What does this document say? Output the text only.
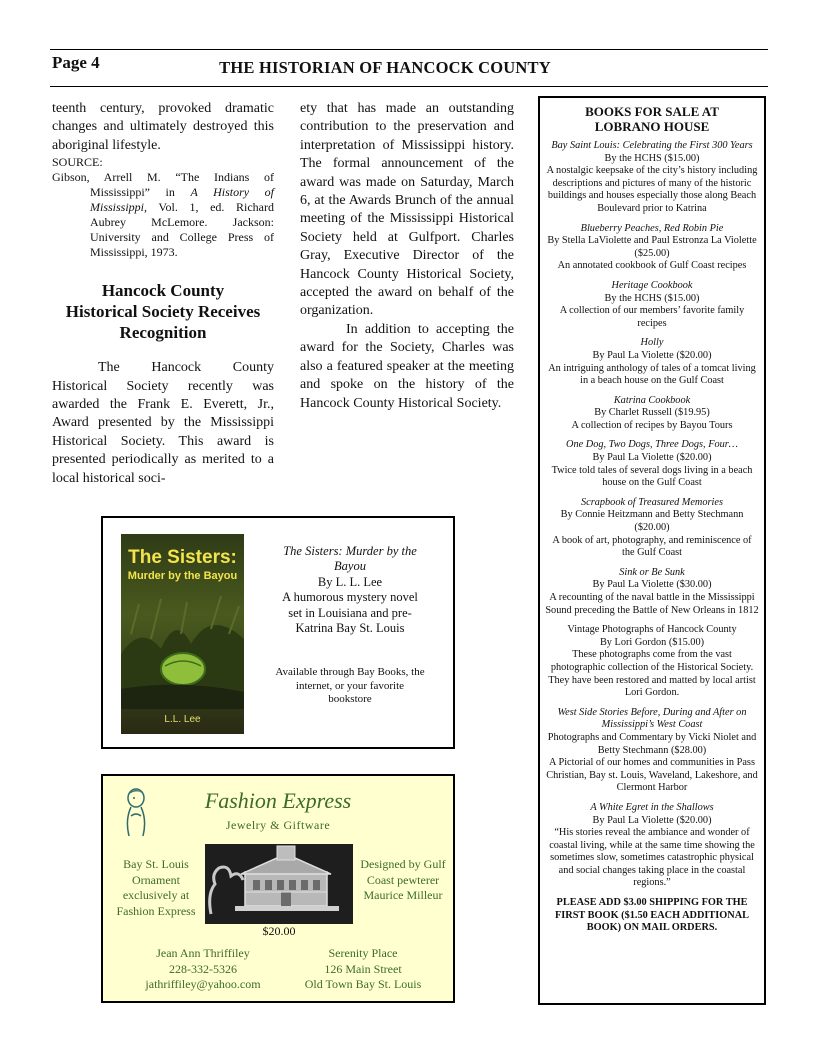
Page 4	THE HISTORIAN OF HANCOCK COUNTY

teenth century, provoked dramatic changes and ultimately destroyed this aboriginal lifestyle.

SOURCE:

Gibson, Arrell M. “The Indians of Mississippi” in A History of Mississippi, Vol. 1, ed. Richard Aubrey McLemore. Jackson: University and College Press of Mississippi, 1973.

Hancock County
Historical Society Receives
Recognition

The Hancock County Historical Society recently was awarded the Frank E. Everett, Jr., Award presented by the Mississippi Historical Society. This award is presented periodically as merited to a local historical soci-

ety that has made an outstanding contribution to the preservation and interpretation of Mississippi history. The formal announcement of the award was made on Saturday, March 6, at the Awards Brunch of the annual meeting of the Mississippi Historical Society held at Gulfport. Charles Gray, Executive Director of the Hancock County Historical Society, accepted the award on behalf of the organization.

In addition to accepting the award for the Society, Charles was also a featured speaker at the meeting and spoke on the history of the Hancock County Historical Society.

BOOKS FOR SALE AT
LOBRANO HOUSE
Bay Saint Louis: Celebrating the First 300 Years
By the HCHS ($15.00)
A nostalgic keepsake of the city’s history including descriptions and pictures of many of the historic buildings and houses especially those along Beach Boulevard prior to Katrina
Blueberry Peaches, Red Robin Pie
By Stella LaViolette and Paul Estronza La Violette ($25.00)
An annotated cookbook of Gulf Coast recipes
Heritage Cookbook
By the HCHS ($15.00)
A collection of our members’ favorite family recipes
Holly
By Paul La Violette ($20.00)
An intriguing anthology of tales of a tomcat living in a beach house on the Gulf Coast
Katrina Cookbook
By Charlet Russell ($19.95)
A collection of recipes by Bayou Tours
One Dog, Two Dogs, Three Dogs, Four…
By Paul La Violette ($20.00)
Twice told tales of several dogs living in a beach house on the Gulf Coast
Scrapbook of Treasured Memories
By Connie Heitzmann and Betty Stechmann ($20.00)
A book of art, photography, and reminiscence of the Gulf Coast
Sink or Be Sunk
By Paul La Violette ($30.00)
A recounting of the naval battle in the Mississippi Sound preceding the Battle of New Orleans in 1812
Vintage Photographs of Hancock County
By Lori Gordon ($15.00)
These photographs come from the vast photographic collection of the Historical Society. They have been restored and matted by local artist Lori Gordon.
West Side Stories Before, During and After on Mississippi’s West Coast
Photographs and Commentary by Vicki Niolet and Betty Stechmann ($28.00)
A Pictorial of our homes and communities in Pass Christian, Bay st. Louis, Waveland, Lakeshore, and Clermont Harbor
A White Egret in the Shallows
By Paul La Violette ($20.00)
“His stories reveal the ambiance and wonder of coastal living, while at the same time showing the sometimes slow, sometimes catastrophic physical and social changes taking place in the coastal regions.”
PLEASE ADD $3.00 SHIPPING FOR THE FIRST BOOK ($1.50 EACH ADDITIONAL BOOK) ON MAIL ORDERS.
The Sisters:
Murder by the Bayou
L.L. Lee
The Sisters: Murder by the Bayou
By L. L. Lee
A humorous mystery novel set in Louisiana and pre-Katrina Bay St. Louis
Available through Bay Books, the internet, or your favorite bookstore
Fashion Express
Jewelry & Giftware
Bay St. Louis Ornament exclusively at Fashion Express
Designed by Gulf Coast pewterer Maurice Milleur
$20.00
Jean Ann Thriffiley
228-332-5326
jathriffiley@yahoo.com
Serenity Place
126 Main Street
Old Town Bay St. Louis
